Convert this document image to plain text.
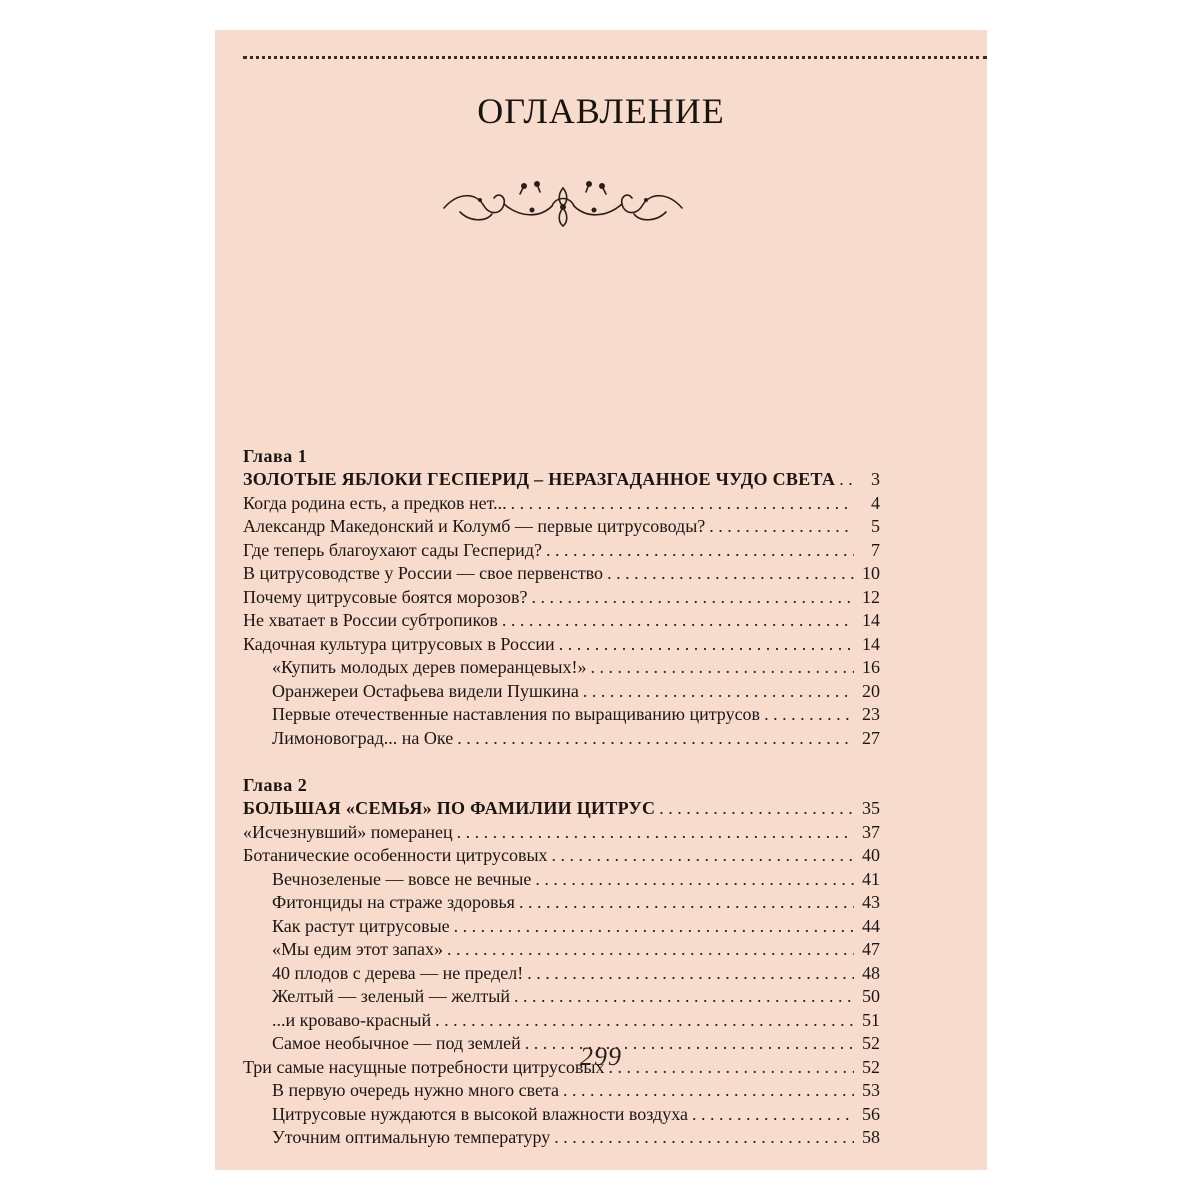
ОГЛАВЛЕНИЕ
Глава 1
ЗОЛОТЫЕ ЯБЛОКИ ГЕСПЕРИД – НЕРАЗГАДАННОЕ ЧУДО СВЕТА . . .	3
Когда родина есть, а предков нет... . . .	4
Александр Македонский и Колумб — первые цитрусоводы? . . .	5
Где теперь благоухают сады Гесперид? . . .	7
В цитрусоводстве у России — свое первенство . . .	10
Почему цитрусовые боятся морозов? . . .	12
Не хватает в России субтропиков . . .	14
Кадочная культура цитрусовых в России . . .	14
«Купить молодых дерев померанцевых!» . . .	16
Оранжереи Остафьева видели Пушкина . . .	20
Первые отечественные наставления по выращиванию цитрусов . . .	23
Лимоновоград... на Оке . . .	27
Глава 2
БОЛЬШАЯ «СЕМЬЯ» ПО ФАМИЛИИ ЦИТРУС . . .	35
«Исчезнувший» померанец . . .	37
Ботанические особенности цитрусовых . . .	40
Вечнозеленые — вовсе не вечные . . .	41
Фитонциды на страже здоровья . . .	43
Как растут цитрусовые . . .	44
«Мы едим этот запах» . . .	47
40 плодов с дерева — не предел! . . .	48
Желтый — зеленый — желтый . . .	50
...и кроваво-красный . . .	51
Самое необычное — под землей . . .	52
Три самые насущные потребности цитрусовых . . .	52
В первую очередь нужно много света . . .	53
Цитрусовые нуждаются в высокой влажности воздуха . . .	56
Уточним оптимальную температуру . . .	58
299
